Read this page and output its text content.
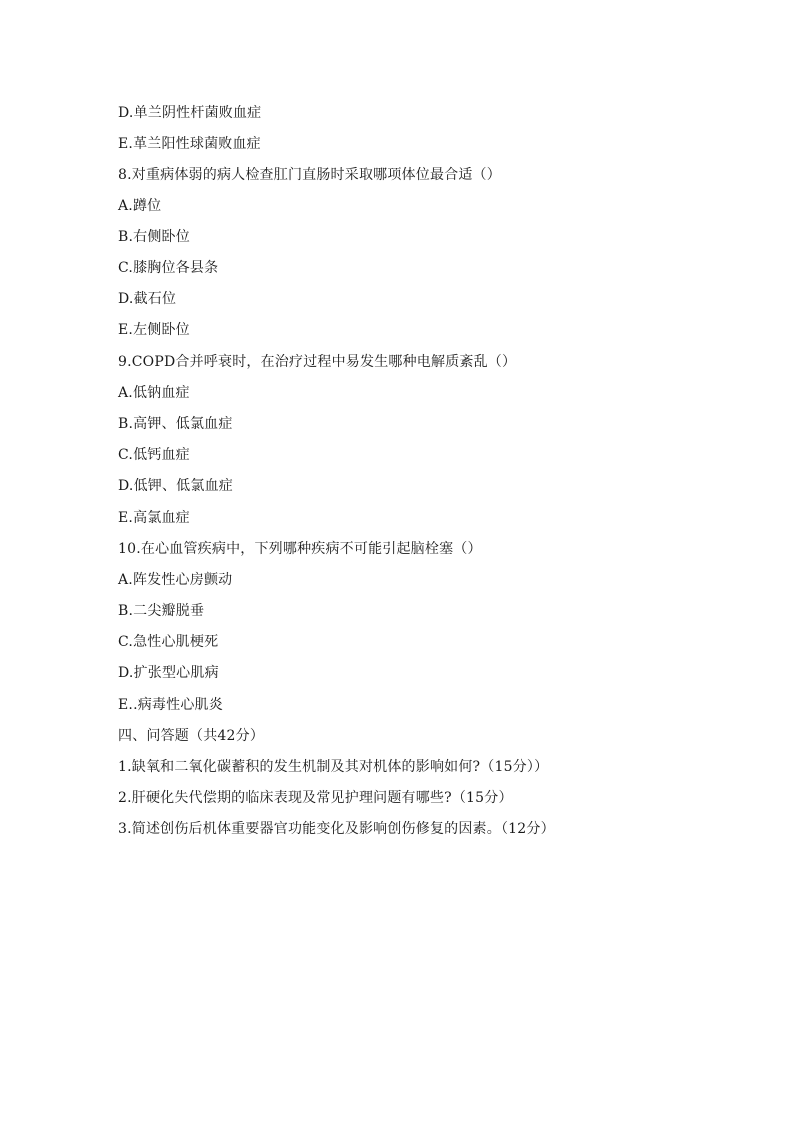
D.单兰阴性杆菌败血症
E.革兰阳性球菌败血症
8.对重病体弱的病人检查肛门直肠时采取哪项体位最合适（）
A.蹲位
B.右侧卧位
C.膝胸位各县条
D.截石位
E.左侧卧位
9.COPD合并呼衰时，在治疗过程中易发生哪种电解质紊乱（）
A.低钠血症
B.高钾、低氯血症
C.低钙血症
D.低钾、低氯血症
E.高氯血症
10.在心血管疾病中，下列哪种疾病不可能引起脑栓塞（）
A.阵发性心房颤动
B.二尖瓣脱垂
C.急性心肌梗死
D.扩张型心肌病
E..病毒性心肌炎
四、问答题（共42分）
1.缺氧和二氧化碳蓄积的发生机制及其对机体的影响如何?（15分））
2.肝硬化失代偿期的临床表现及常见护理问题有哪些?（15分）
3.简述创伤后机体重要器官功能变化及影响创伤修复的因素。（12分）
